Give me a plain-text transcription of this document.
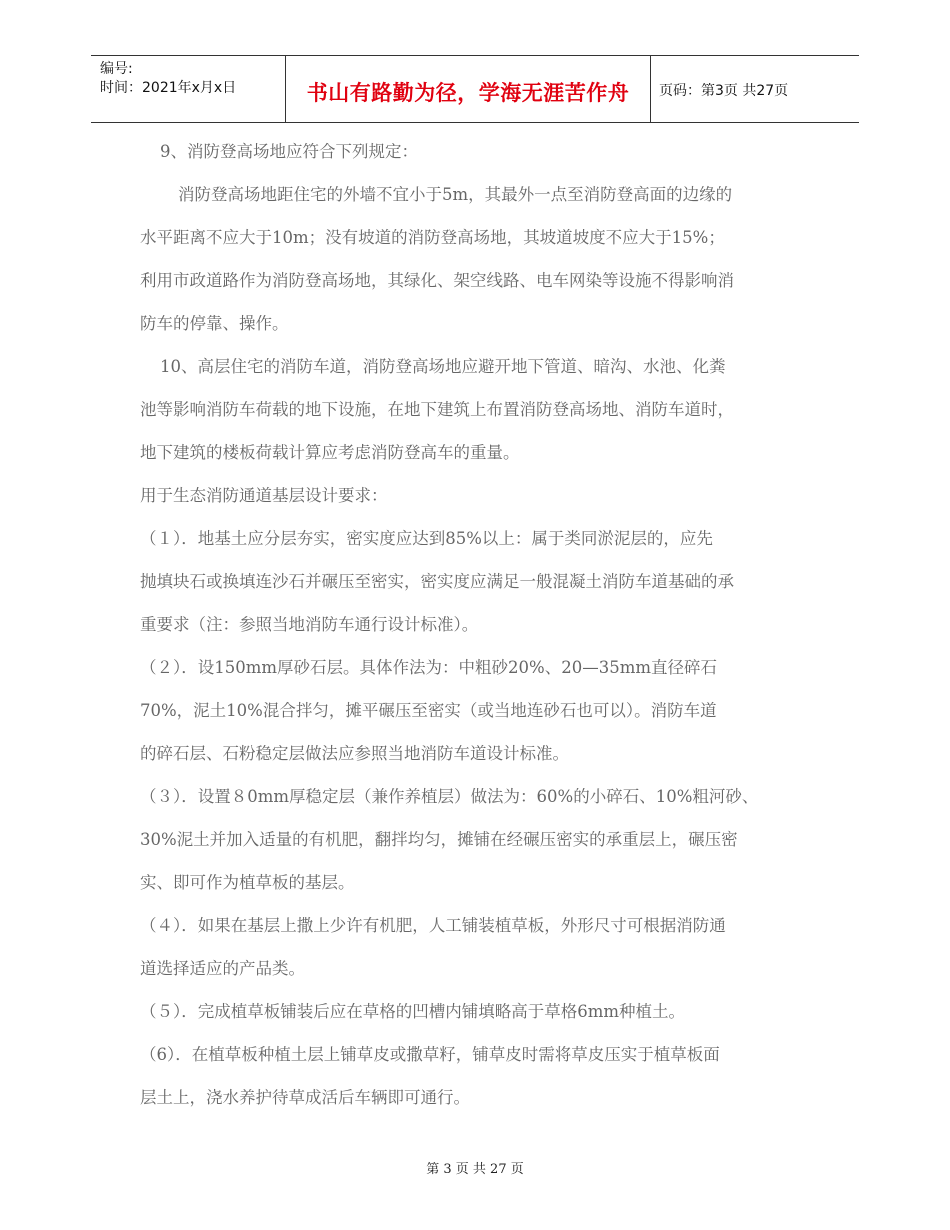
编号:
时间：2021年x月x日	书山有路勤为径，学海无涯苦作舟	页码：第3页 共27页

9、消防登高场地应符合下列规定：

消防登高场地距住宅的外墙不宜小于5m，其最外一点至消防登高面的边缘的

水平距离不应大于10m；没有坡道的消防登高场地，其坡道坡度不应大于15%；

利用市政道路作为消防登高场地，其绿化、架空线路、电车网染等设施不得影响消

防车的停靠、操作。

10、高层住宅的消防车道，消防登高场地应避开地下管道、暗沟、水池、化粪

池等影响消防车荷载的地下设施，在地下建筑上布置消防登高场地、消防车道时，

地下建筑的楼板荷载计算应考虑消防登高车的重量。

用于生态消防通道基层设计要求：

（１）．地基土应分层夯实，密实度应达到85%以上：属于类同淤泥层的，应先

抛填块石或换填连沙石并碾压至密实，密实度应满足一般混凝土消防车道基础的承

重要求（注：参照当地消防车通行设计标准）。

（２）．设150mm厚砂石层。具体作法为：中粗砂20%、20—35mm直径碎石

70%，泥土10%混合拌匀，摊平碾压至密实（或当地连砂石也可以）。消防车道

的碎石层、石粉稳定层做法应参照当地消防车道设计标准。

（３）．设置８0mm厚稳定层（兼作养植层）做法为：60%的小碎石、10%粗河砂、

30%泥土并加入适量的有机肥，翻拌均匀，摊铺在经碾压密实的承重层上，碾压密

实、即可作为植草板的基层。

（４）．如果在基层上撒上少许有机肥，人工铺装植草板，外形尺寸可根据消防通

道选择适应的产品类。

（５）．完成植草板铺装后应在草格的凹槽内铺填略高于草格6mm种植土。

（6）．在植草板种植土层上铺草皮或撒草籽，铺草皮时需将草皮压实于植草板面

层土上，浇水养护待草成活后车辆即可通行。

第 3 页 共 27 页
